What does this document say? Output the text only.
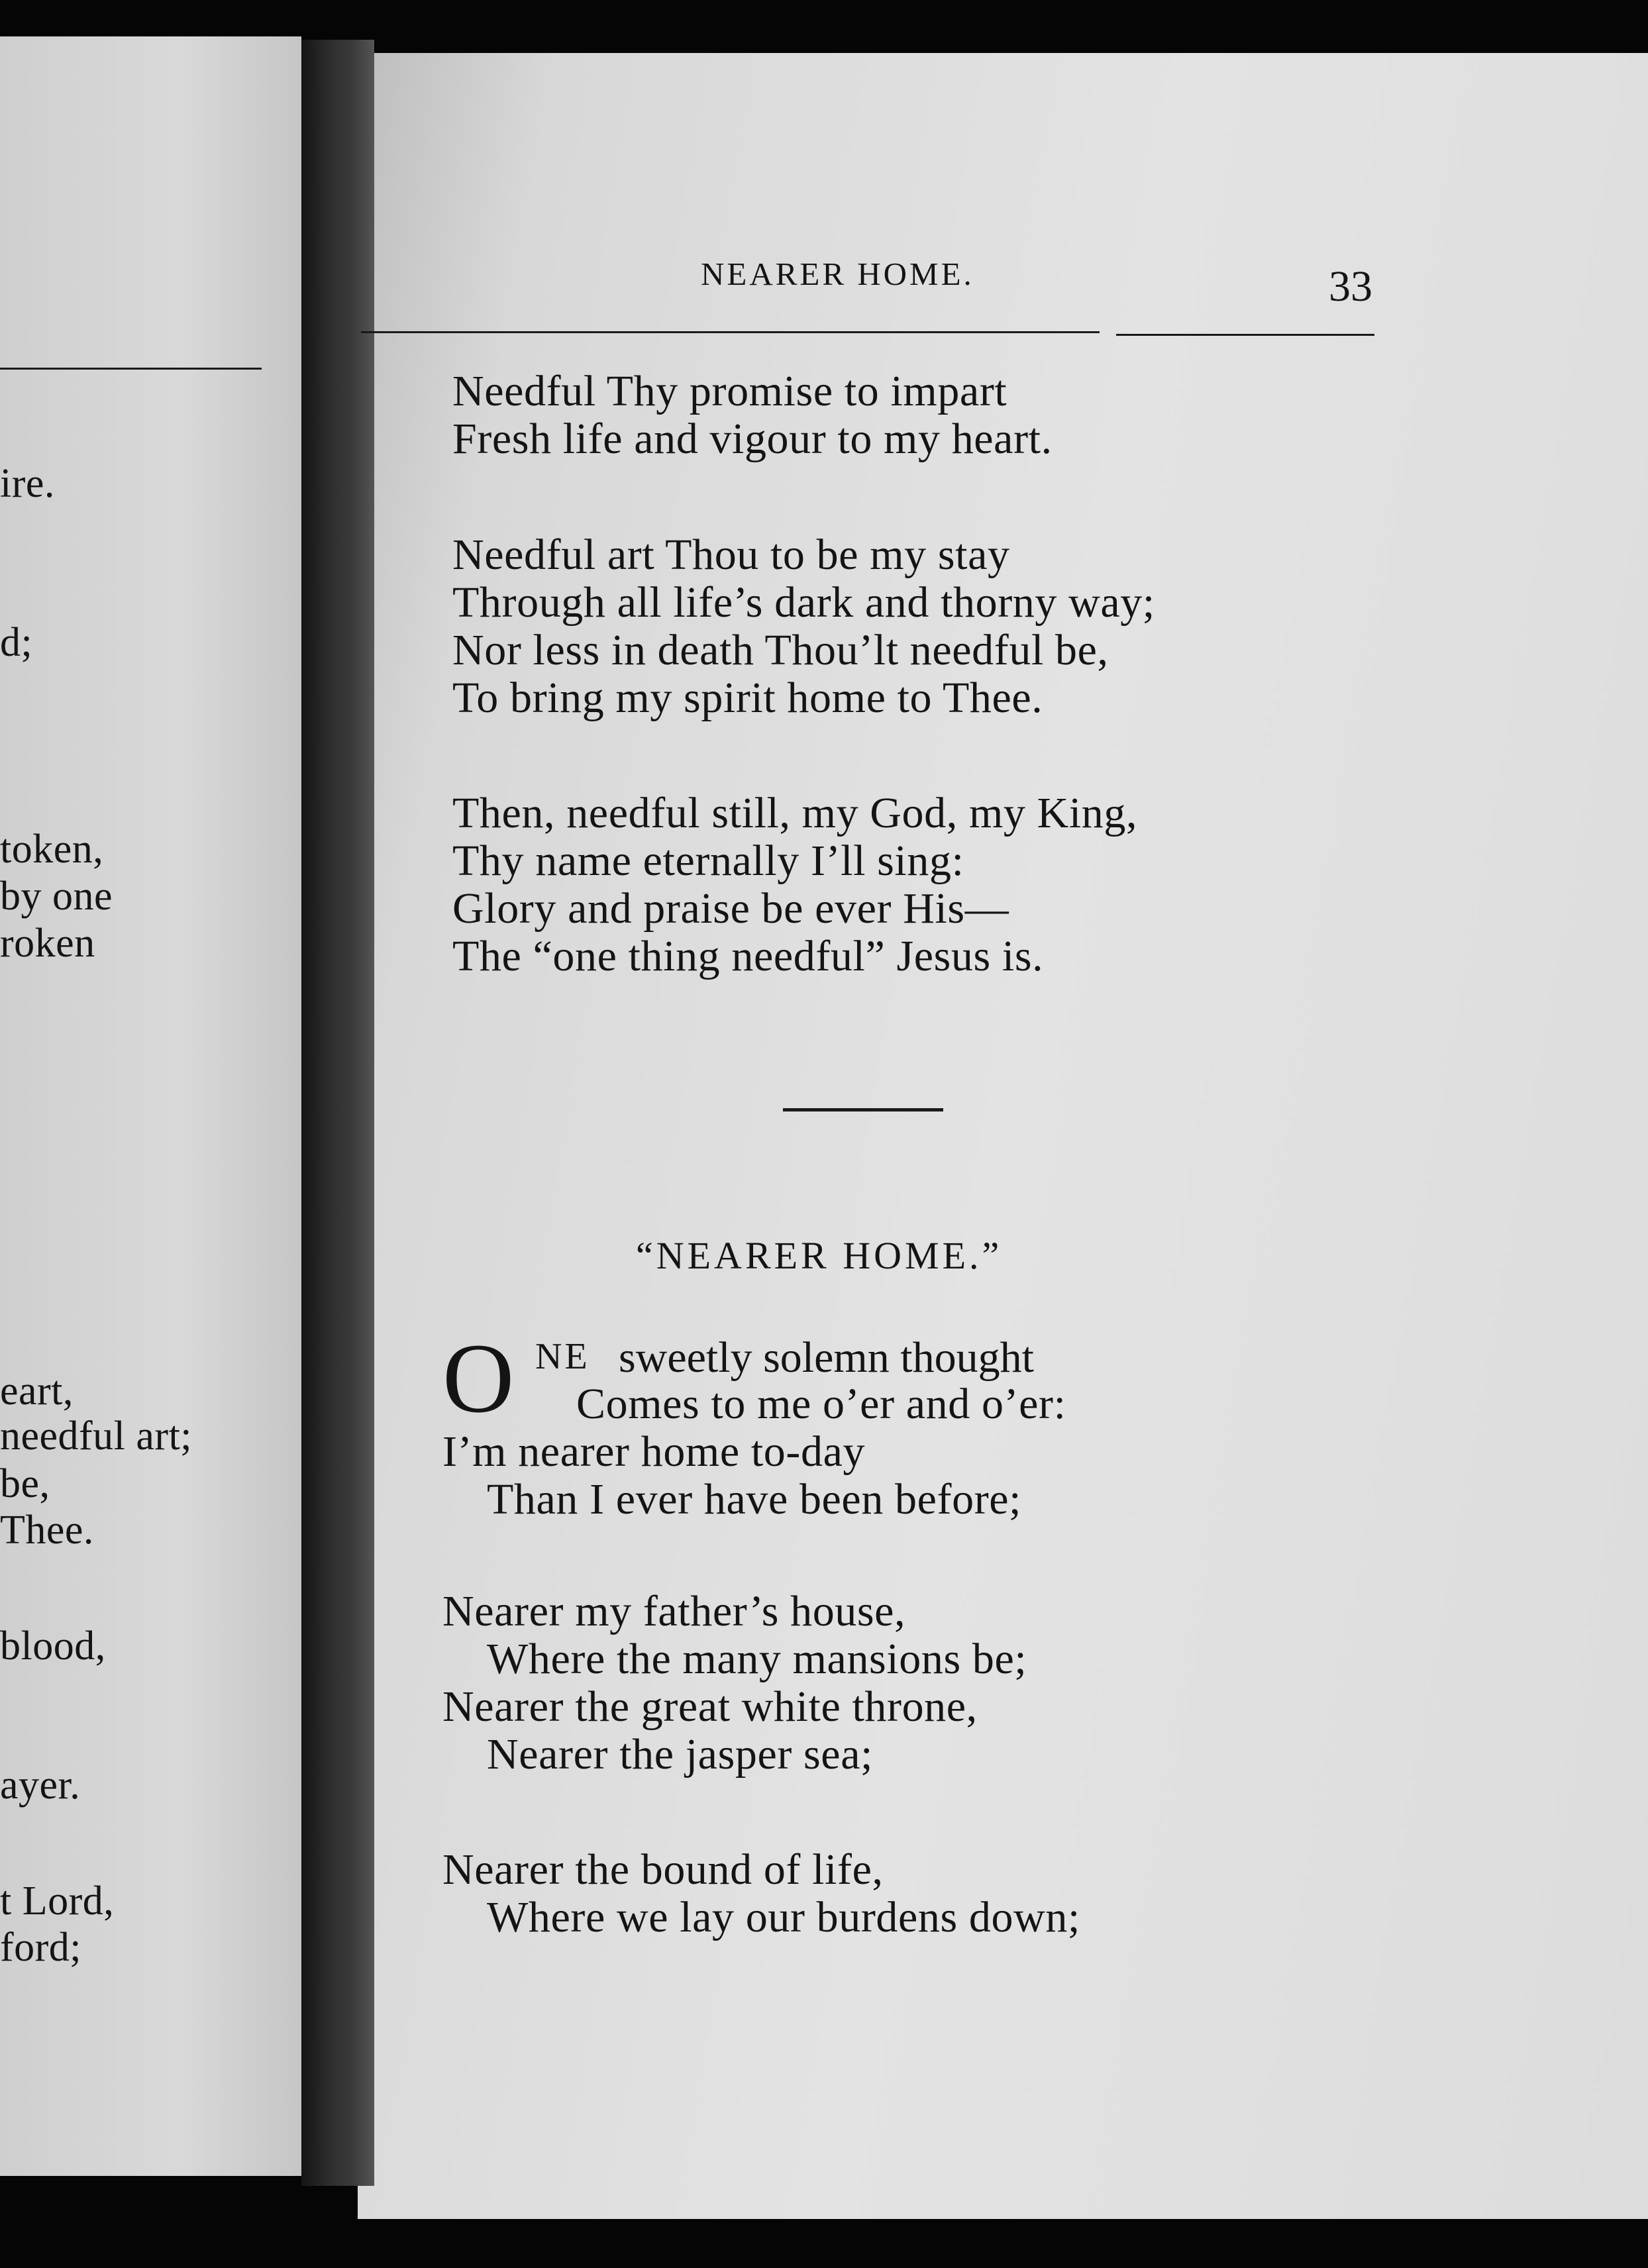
ire.
d;
token,
by one
roken
eart,
needful art;
be,
Thee.
blood,
ayer.
t Lord,
ford;
NEARER HOME.	33
Needful Thy promise to impart
Fresh life and vigour to my heart.
Needful art Thou to be my stay
Through all life’s dark and thorny way;
Nor less in death Thou’lt needful be,
To bring my spirit home to Thee.
Then, needful still, my God, my King,
Thy name eternally I’ll sing:
Glory and praise be ever His—
The “one thing needful” Jesus is.
“NEARER HOME.”
O NE sweetly solemn thought
Comes to me o’er and o’er:
I’m nearer home to-day
Than I ever have been before;
Nearer my father’s house,
Where the many mansions be;
Nearer the great white throne,
Nearer the jasper sea;
Nearer the bound of life,
Where we lay our burdens down;
